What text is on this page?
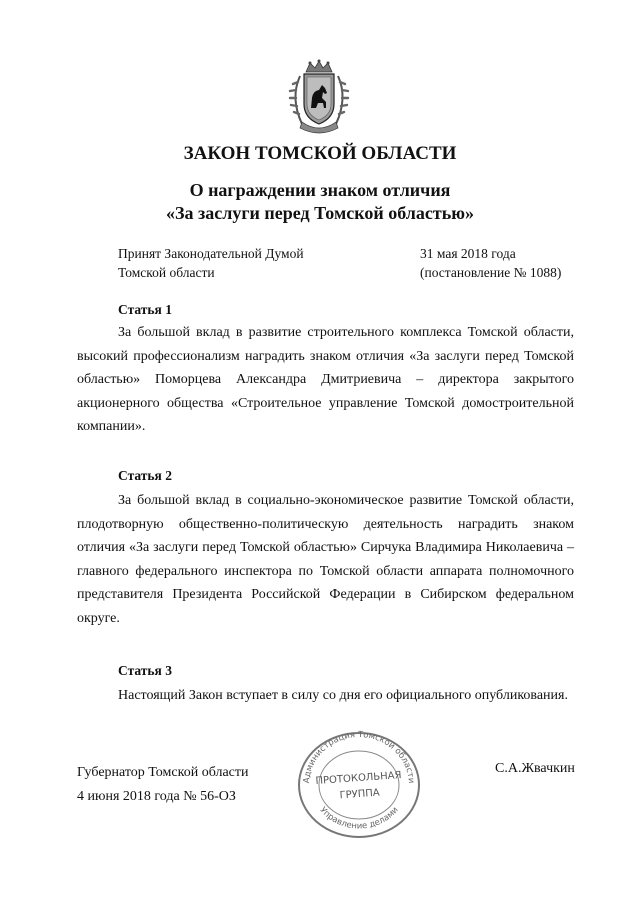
ЗАКОН ТОМСКОЙ ОБЛАСТИ
О награждении знаком отличия
«За заслуги перед Томской областью»
Принят Законодательной Думой
Томской области
31 мая 2018 года
(постановление № 1088)
Статья 1

За большой вклад в развитие строительного комплекса Томской области, высокий профессионализм наградить знаком отличия «За заслуги перед Томской областью» Поморцева Александра Дмитриевича – директора закрытого акционерного общества «Строительное управление Томской домостроительной компании».

Статья 2

За большой вклад в социально-экономическое развитие Томской области, плодотворную общественно-политическую деятельность наградить знаком отличия «За заслуги перед Томской областью» Сирчука Владимира Николаевича – главного федерального инспектора по Томской области аппарата полномочного представителя Президента Российской Федерации в Сибирском федеральном округе.

Статья 3

Настоящий Закон вступает в силу со дня его официального опубликования.

Губернатор Томской области
4 июня 2018 года № 56-ОЗ
С.А.Жвачкин
Администрация Томской области
Управление делами
ПРОТОКОЛЬНАЯ
ГРУППА
